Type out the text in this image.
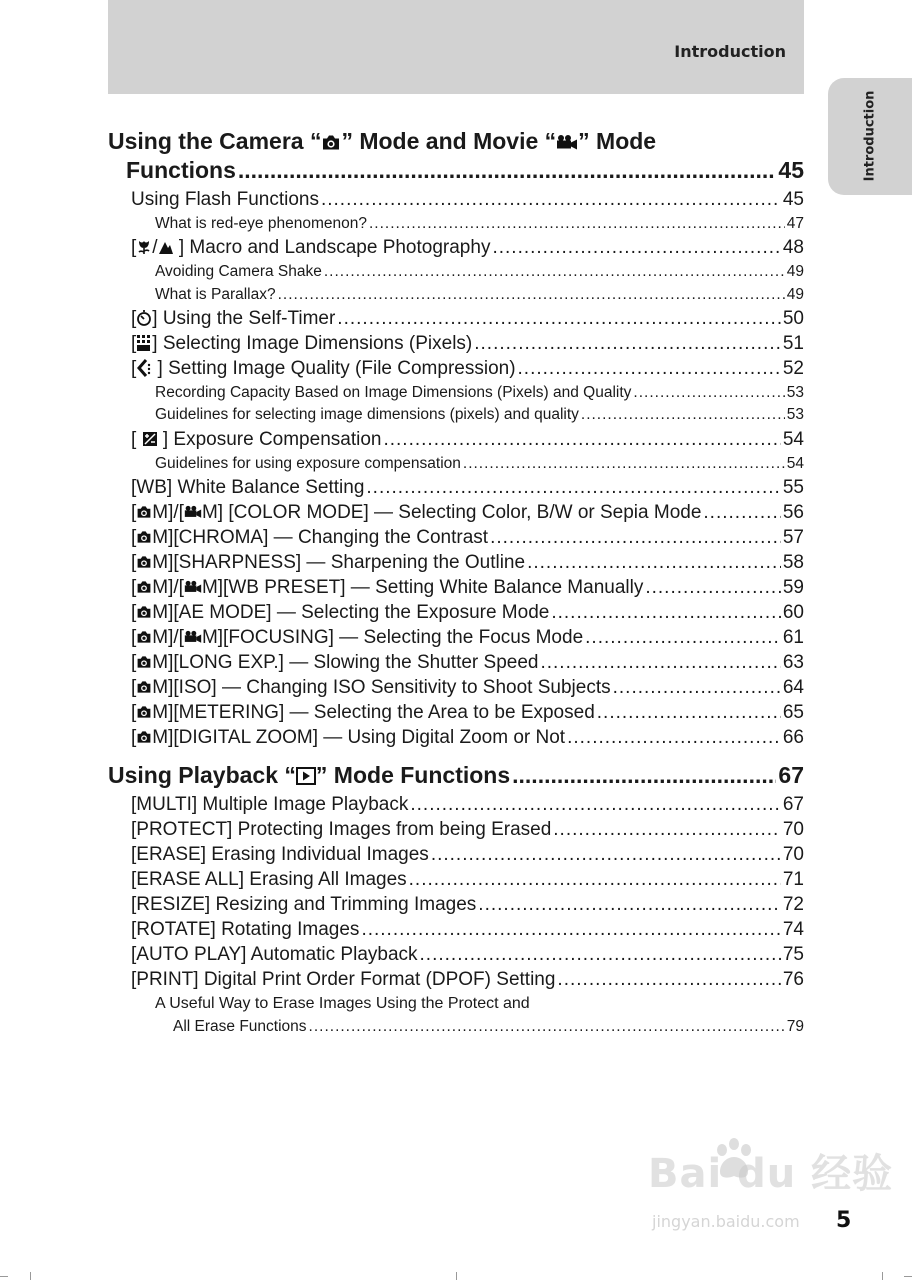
Introduction
Introduction
Using the Camera “ ” Mode and Movie “ ” Mode
Functions .....	45
Using Flash Functions .....	45
What is red-eye phenomenon? .....	47
[ / ] Macro and Landscape Photography .....	48
Avoiding Camera Shake .....	49
What is Parallax? .....	49
[ ] Using the Self-Timer .....	50
[ ] Selecting Image Dimensions (Pixels) .....	51
[ ] Setting Image Quality (File Compression) .....	52
Recording Capacity Based on Image Dimensions (Pixels) and Quality .....	53
Guidelines for selecting image dimensions (pixels) and quality .....	53
[  ] Exposure Compensation .....	54
Guidelines for using exposure compensation .....	54
[WB] White Balance Setting .....	55
[ M]/[ M] [COLOR MODE] — Selecting Color, B/W or Sepia Mode .....	56
[ M][CHROMA] — Changing the Contrast .....	57
[ M][SHARPNESS] — Sharpening the Outline .....	58
[ M]/[ M][WB PRESET] — Setting White Balance Manually .....	59
[ M][AE MODE] — Selecting the Exposure Mode .....	60
[ M]/[ M][FOCUSING] — Selecting the Focus Mode .....	61
[ M][LONG EXP.] — Slowing the Shutter Speed .....	63
[ M][ISO] — Changing ISO Sensitivity to Shoot Subjects .....	64
[ M][METERING] — Selecting the Area to be Exposed .....	65
[ M][DIGITAL ZOOM] — Using Digital Zoom or Not .....	66
Using Playback “ ” Mode Functions .....	67
[MULTI] Multiple Image Playback .....	67
[PROTECT] Protecting Images from being Erased .....	70
[ERASE] Erasing Individual Images .....	70
[ERASE ALL] Erasing All Images .....	71
[RESIZE] Resizing and Trimming Images .....	72
[ROTATE] Rotating Images .....	74
[AUTO PLAY] Automatic Playback .....	75
[PRINT] Digital Print Order Format (DPOF) Setting .....	76
A Useful Way to Erase Images Using the Protect and
All Erase Functions .....	79
Bai du 经验
jingyan.baidu.com 5
